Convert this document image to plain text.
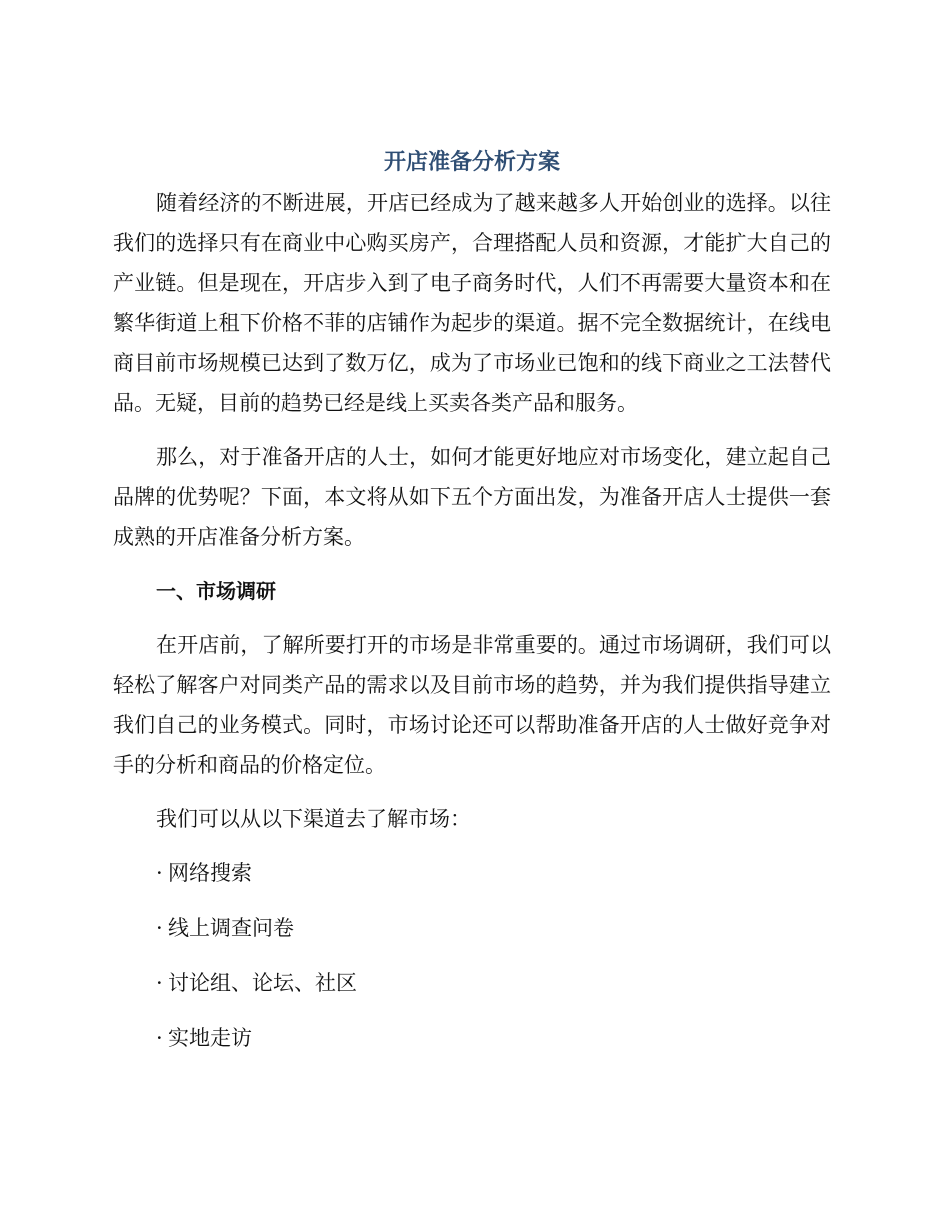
开店准备分析方案

随着经济的不断进展，开店已经成为了越来越多人开始创业的选择。以往我们的选择只有在商业中心购买房产，合理搭配人员和资源，才能扩大自己的产业链。但是现在，开店步入到了电子商务时代，人们不再需要大量资本和在繁华街道上租下价格不菲的店铺作为起步的渠道。据不完全数据统计，在线电商目前市场规模已达到了数万亿，成为了市场业已饱和的线下商业之工法替代品。无疑，目前的趋势已经是线上买卖各类产品和服务。

那么，对于准备开店的人士，如何才能更好地应对市场变化，建立起自己品牌的优势呢？下面，本文将从如下五个方面出发，为准备开店人士提供一套成熟的开店准备分析方案。

一、市场调研

在开店前，了解所要打开的市场是非常重要的。通过市场调研，我们可以轻松了解客户对同类产品的需求以及目前市场的趋势，并为我们提供指导建立我们自己的业务模式。同时，市场讨论还可以帮助准备开店的人士做好竞争对手的分析和商品的价格定位。

我们可以从以下渠道去了解市场：

· 网络搜索
· 线上调查问卷
· 讨论组、论坛、社区
· 实地走访
